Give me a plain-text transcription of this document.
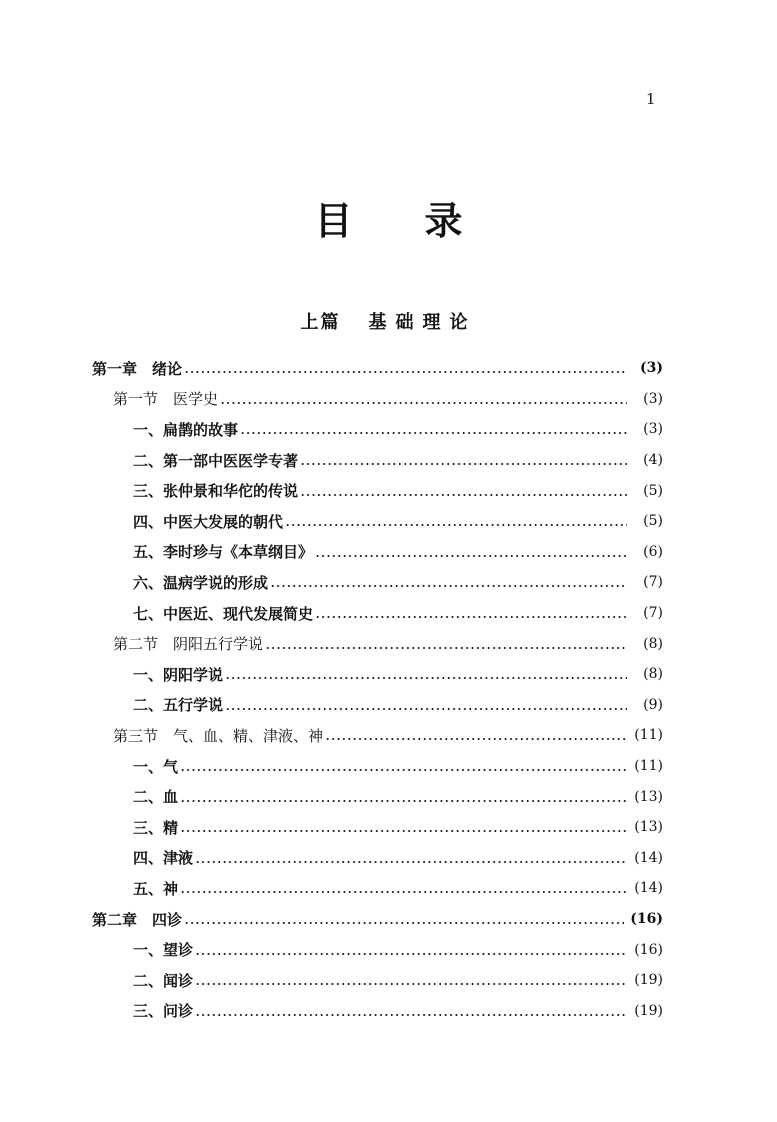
1
目 录
上篇 基础理论
第一章　绪论	(3)
第一节　医学史	(3)
一、扁鹊的故事	(3)
二、第一部中医医学专著	(4)
三、张仲景和华佗的传说	(5)
四、中医大发展的朝代	(5)
五、李时珍与《本草纲目》	(6)
六、温病学说的形成	(7)
七、中医近、现代发展简史	(7)
第二节　阴阳五行学说	(8)
一、阴阳学说	(8)
二、五行学说	(9)
第三节　气、血、精、津液、神	(11)
一、气	(11)
二、血	(13)
三、精	(13)
四、津液	(14)
五、神	(14)
第二章　四诊	(16)
一、望诊	(16)
二、闻诊	(19)
三、问诊	(19)
